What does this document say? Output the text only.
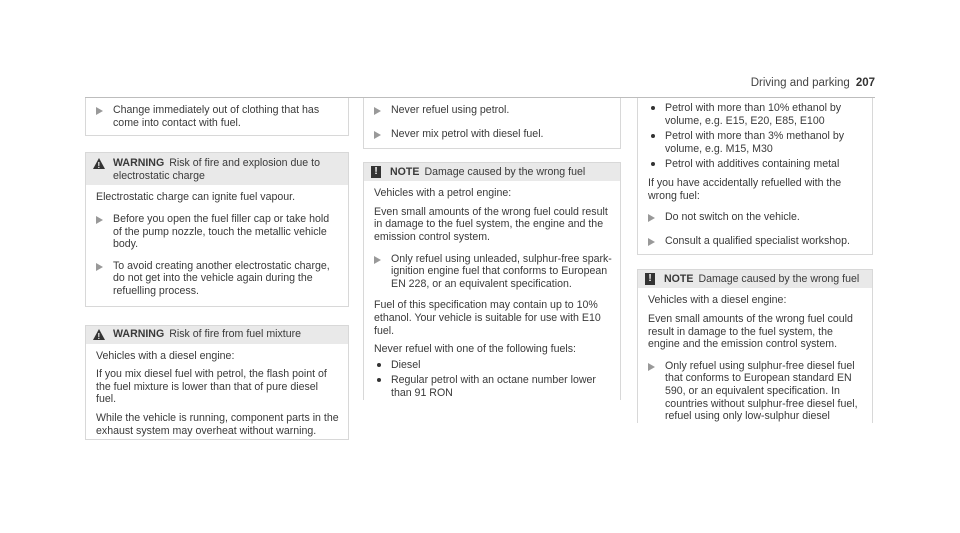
Driving and parking 207
Change immediately out of clothing that has come into contact with fuel.
!
WARNING Risk of fire and explosion due to electrostatic charge

Electrostatic charge can ignite fuel vapour.

Before you open the fuel filler cap or take hold of the pump nozzle, touch the metallic vehicle body.
To avoid creating another electrostatic charge, do not get into the vehicle again during the refuelling process.
!
WARNING Risk of fire from fuel mixture

Vehicles with a diesel engine:

If you mix diesel fuel with petrol, the flash point of the fuel mixture is lower than that of pure diesel fuel.

While the vehicle is running, component parts in the exhaust system may overheat without warning.

Never refuel using petrol.
Never mix petrol with diesel fuel.
!	NOTE Damage caused by the wrong fuel

Vehicles with a petrol engine:

Even small amounts of the wrong fuel could result in damage to the fuel system, the engine and the emission control system.

Only refuel using unleaded, sulphur-free spark-ignition engine fuel that conforms to European EN 228, or an equivalent specification.

Fuel of this specification may contain up to 10% ethanol. Your vehicle is suitable for use with E10 fuel.

Never refuel with one of the following fuels:

Diesel
Regular petrol with an octane number lower than 91 RON
Petrol with more than 10% ethanol by volume, e.g. E15, E20, E85, E100
Petrol with more than 3% methanol by volume, e.g. M15, M30
Petrol with additives containing metal

If you have accidentally refuelled with the wrong fuel:

Do not switch on the vehicle.
Consult a qualified specialist workshop.
!	NOTE Damage caused by the wrong fuel

Vehicles with a diesel engine:

Even small amounts of the wrong fuel could result in damage to the fuel system, the engine and the emission control system.

Only refuel using sulphur-free diesel fuel that conforms to European standard EN 590, or an equivalent specification. In countries without sulphur-free diesel fuel, refuel using only low-sulphur diesel
